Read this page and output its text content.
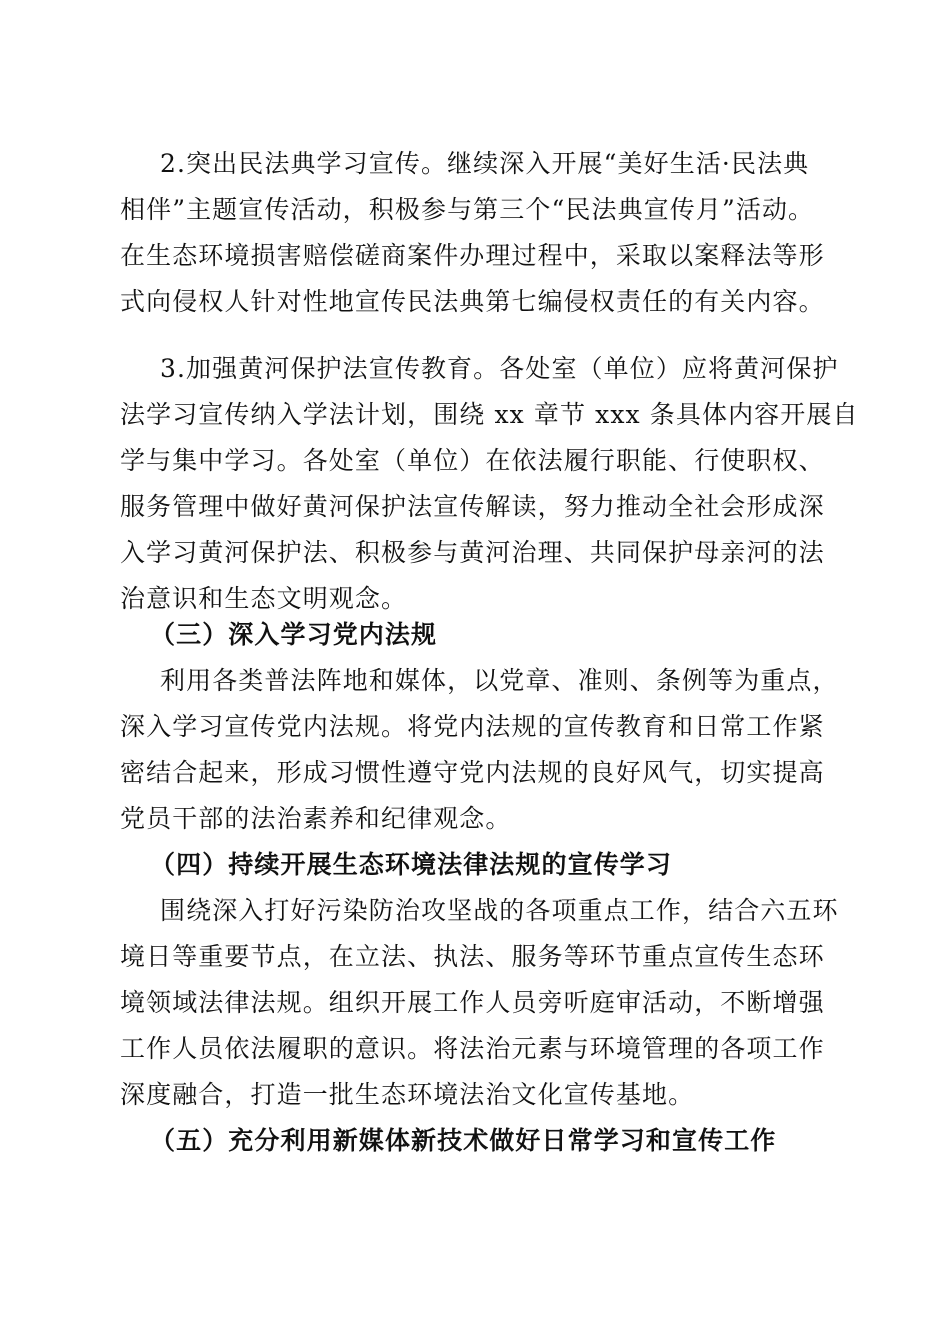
2.突出民法典学习宣传。继续深入开展“美好生活·民法典
相伴”主题宣传活动，积极参与第三个“民法典宣传月”活动。
在生态环境损害赔偿磋商案件办理过程中，采取以案释法等形
式向侵权人针对性地宣传民法典第七编侵权责任的有关内容。
3.加强黄河保护法宣传教育。各处室（单位）应将黄河保护
法学习宣传纳入学法计划，围绕 xx 章节 xxx 条具体内容开展自
学与集中学习。各处室（单位）在依法履行职能、行使职权、
服务管理中做好黄河保护法宣传解读，努力推动全社会形成深
入学习黄河保护法、积极参与黄河治理、共同保护母亲河的法
治意识和生态文明观念。
（三）深入学习党内法规
利用各类普法阵地和媒体，以党章、准则、条例等为重点，
深入学习宣传党内法规。将党内法规的宣传教育和日常工作紧
密结合起来，形成习惯性遵守党内法规的良好风气，切实提高
党员干部的法治素养和纪律观念。
（四）持续开展生态环境法律法规的宣传学习
围绕深入打好污染防治攻坚战的各项重点工作，结合六五环
境日等重要节点，在立法、执法、服务等环节重点宣传生态环
境领域法律法规。组织开展工作人员旁听庭审活动，不断增强
工作人员依法履职的意识。将法治元素与环境管理的各项工作
深度融合，打造一批生态环境法治文化宣传基地。
（五）充分利用新媒体新技术做好日常学习和宣传工作
